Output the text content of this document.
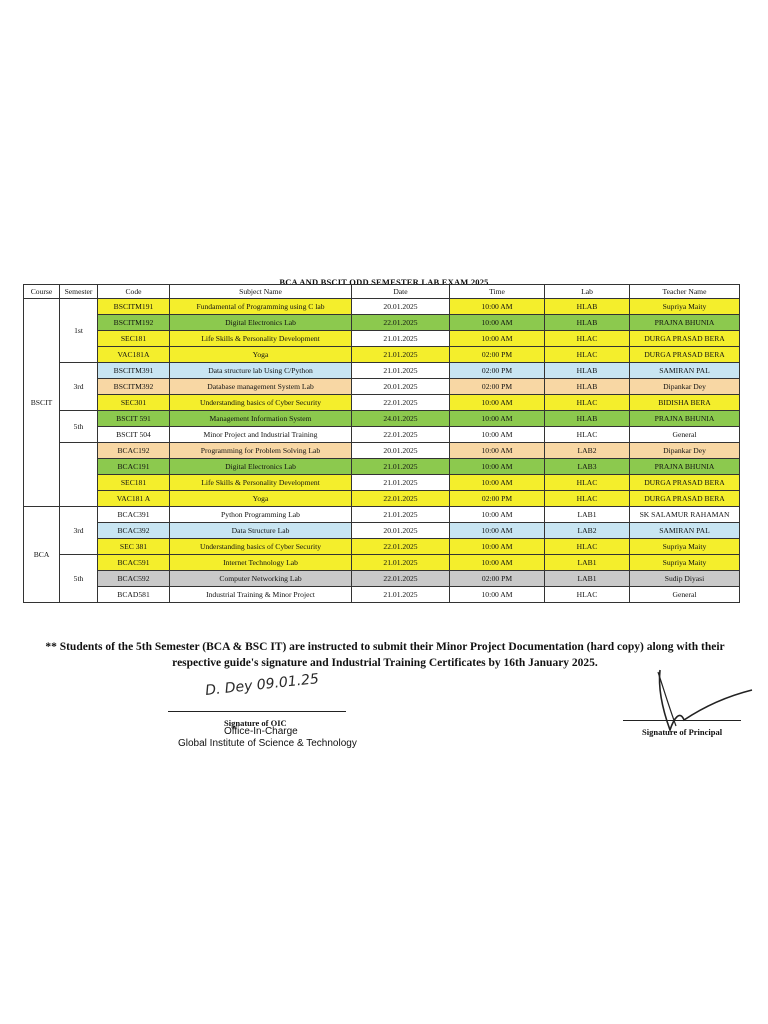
BCA AND BSCIT ODD SEMESTER LAB EXAM 2025
Course	Semester	Code	Subject Name	Date	Time	Lab	Teacher Name
BSCIT	1st	BSCITM191	Fundamental of Programming using C lab	20.01.2025	10:00 AM	HLAB	Supriya Maity
		BSCITM192	Digital Electronics Lab	22.01.2025	10:00 AM	HLAB	PRAJNA BHUNIA
		SEC181	Life Skills & Personality Development	21.01.2025	10:00 AM	HLAC	DURGA PRASAD BERA
		VAC181A	Yoga	21.01.2025	02:00 PM	HLAC	DURGA PRASAD BERA
	3rd	BSCITM391	Data structure lab Using C/Python	21.01.2025	02:00 PM	HLAB	SAMIRAN PAL
		BSCITM392	Database management System Lab	20.01.2025	02:00 PM	HLAB	Dipankar Dey
		SEC301	Understanding basics of Cyber Security	22.01.2025	10:00 AM	HLAC	BIDISHA BERA
	5th	BSCIT 591	Management Information System	24.01.2025	10:00 AM	HLAB	PRAJNA BHUNIA
		BSCIT 504	Minor Project and Industrial Training	22.01.2025	10:00 AM	HLAC	General
		BCAC192	Programming for Problem Solving Lab	20.01.2025	10:00 AM	LAB2	Dipankar Dey
		BCAC191	Digital Electronics Lab	21.01.2025	10:00 AM	LAB3	PRAJNA BHUNIA
		SEC181	Life Skills & Personality Development	21.01.2025	10:00 AM	HLAC	DURGA PRASAD BERA
		VAC181 A	Yoga	22.01.2025	02:00 PM	HLAC	DURGA PRASAD BERA
BCA	3rd	BCAC391	Python Programming Lab	21.01.2025	10:00 AM	LAB1	SK SALAMUR RAHAMAN
		BCAC392	Data Structure Lab	20.01.2025	10:00 AM	LAB2	SAMIRAN PAL
		SEC 381	Understanding basics of Cyber Security	22.01.2025	10:00 AM	HLAC	Supriya Maity
	5th	BCAC591	Internet Technology Lab	21.01.2025	10:00 AM	LAB1	Supriya Maity
		BCAC592	Computer Networking Lab	22.01.2025	02:00 PM	LAB1	Sudip Diyasi
		BCAD581	Industrial Training & Minor Project	21.01.2025	10:00 AM	HLAC	General
** Students of the 5th Semester (BCA & BSC IT) are instructed to submit their Minor Project Documentation (hard copy) along with their
respective guide's signature and Industrial Training Certificates by 16th January 2025.
D. Dey 09.01.25
Signature of OIC
Office-In-Charge
Global Institute of Science & Technology
Signature of Principal
